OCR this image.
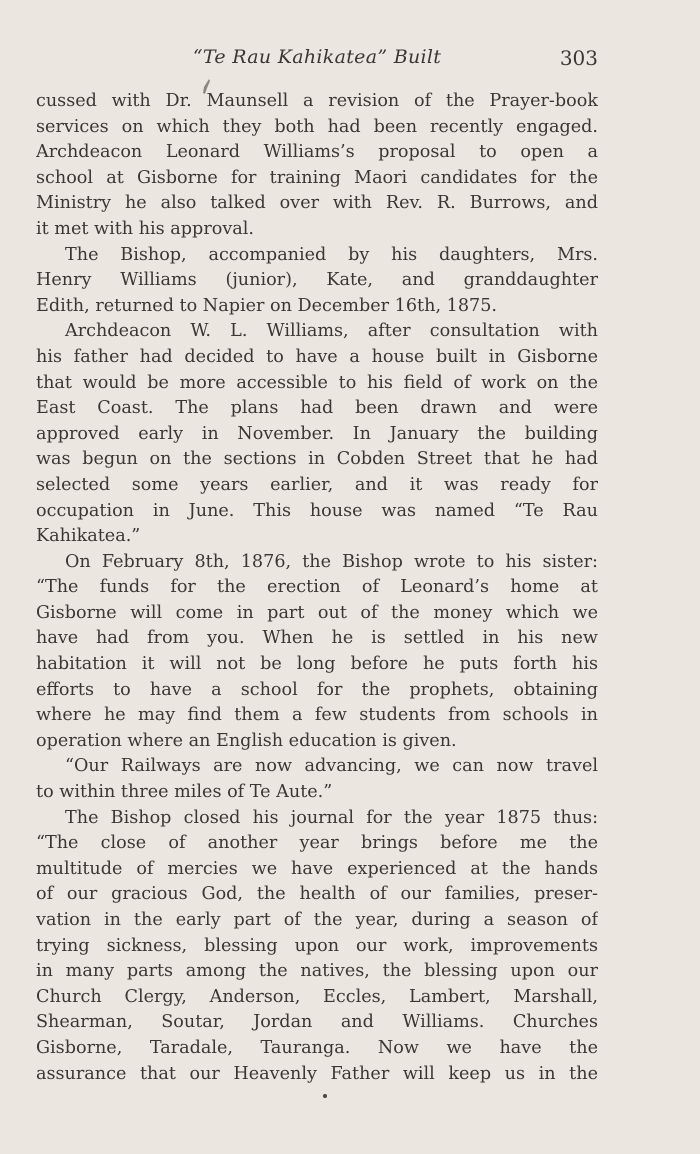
“Te Rau Kahikatea” Built	303
cussed with Dr. Maunsell a revision of the Prayer-book
services on which they both had been recently engaged.
Archdeacon Leonard Williams’s proposal to open a
school at Gisborne for training Maori candidates for the
Ministry he also talked over with Rev. R. Burrows, and
it met with his approval.
The Bishop, accompanied by his daughters, Mrs.
Henry Williams (junior), Kate, and granddaughter
Edith, returned to Napier on December 16th, 1875.
Archdeacon W. L. Williams, after consultation with
his father had decided to have a house built in Gisborne
that would be more accessible to his field of work on the
East Coast. The plans had been drawn and were
approved early in November. In January the building
was begun on the sections in Cobden Street that he had
selected some years earlier, and it was ready for
occupation in June. This house was named “Te Rau
Kahikatea.”
On February 8th, 1876, the Bishop wrote to his sister:
“The funds for the erection of Leonard’s home at
Gisborne will come in part out of the money which we
have had from you. When he is settled in his new
habitation it will not be long before he puts forth his
efforts to have a school for the prophets, obtaining
where he may find them a few students from schools in
operation where an English education is given.
“Our Railways are now advancing, we can now travel
to within three miles of Te Aute.”
The Bishop closed his journal for the year 1875 thus:
“The close of another year brings before me the
multitude of mercies we have experienced at the hands
of our gracious God, the health of our families, preser-
vation in the early part of the year, during a season of
trying sickness, blessing upon our work, improvements
in many parts among the natives, the blessing upon our
Church Clergy, Anderson, Eccles, Lambert, Marshall,
Shearman, Soutar, Jordan and Williams. Churches
Gisborne, Taradale, Tauranga. Now we have the
assurance that our Heavenly Father will keep us in the
